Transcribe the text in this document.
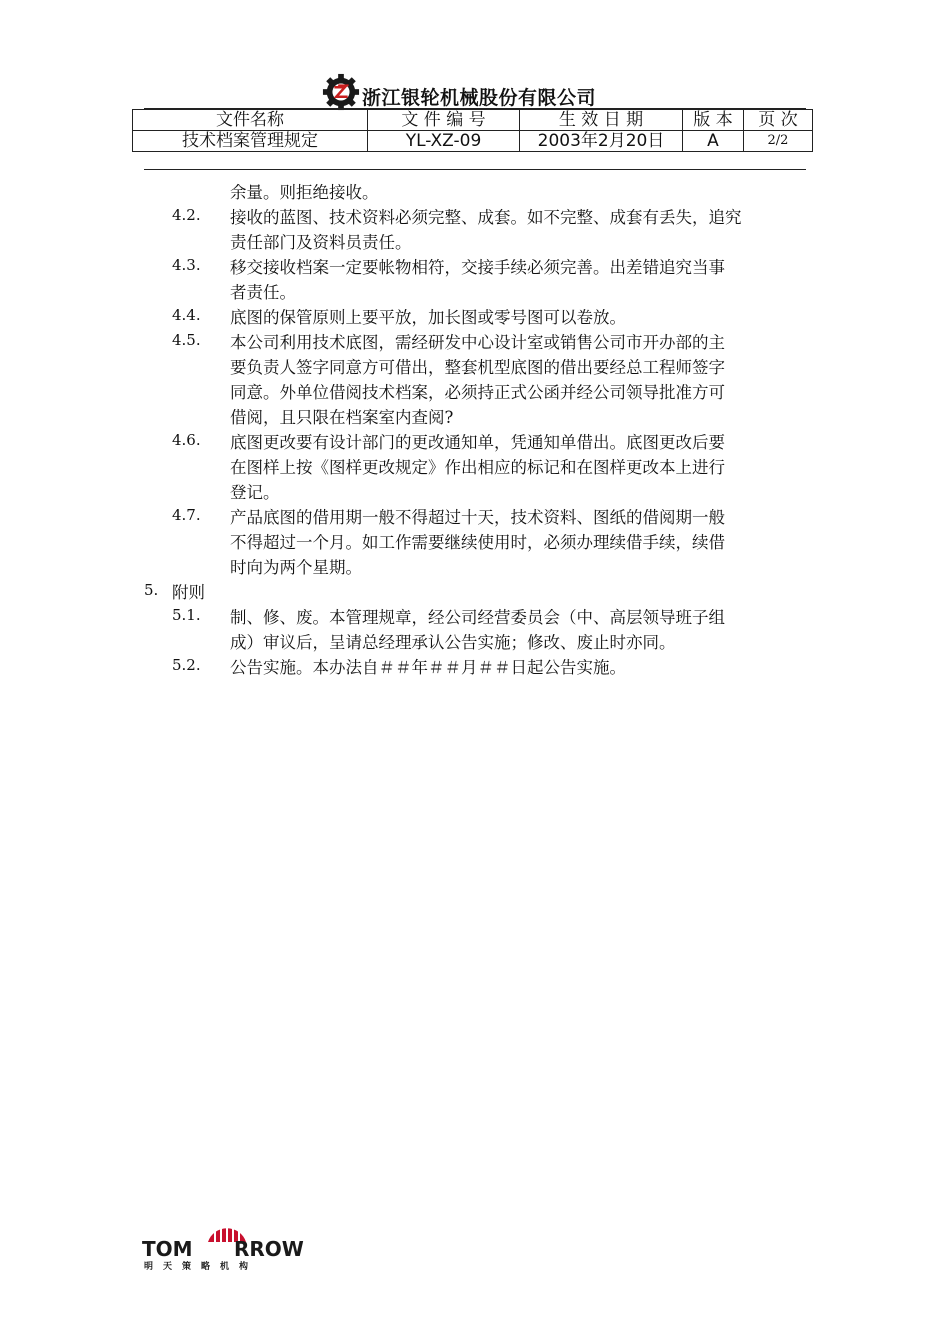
浙江银轮机械股份有限公司
文件名称	文 件 编 号	生 效 日 期	版 本	页 次
技术档案管理规定	YL-XZ-09	2003年2月20日	A	2/2
余量。则拒绝接收。
4.2. 接收的蓝图、技术资料必须完整、成套。如不完整、成套有丢失，追究
责任部门及资料员责任。
4.3. 移交接收档案一定要帐物相符，交接手续必须完善。出差错追究当事
者责任。
4.4. 底图的保管原则上要平放，加长图或零号图可以卷放。
4.5. 本公司利用技术底图，需经研发中心设计室或销售公司市开办部的主
要负责人签字同意方可借出，整套机型底图的借出要经总工程师签字
同意。外单位借阅技术档案，必须持正式公函并经公司领导批准方可
借阅，且只限在档案室内查阅?
4.6. 底图更改要有设计部门的更改通知单，凭通知单借出。底图更改后要
在图样上按《图样更改规定》作出相应的标记和在图样更改本上进行
登记。
4.7. 产品底图的借用期一般不得超过十天，技术资料、图纸的借阅期一般
不得超过一个月。如工作需要继续使用时，必须办理续借手续，续借
时向为两个星期。
5. 附则
5.1. 制、修、废。本管理规章，经公司经营委员会（中、高层领导班子组
成）审议后，呈请总经理承认公告实施；修改、废止时亦同。
5.2. 公告实施。本办法自＃＃年＃＃月＃＃日起公告实施。
TOM RROW
明天策略机构
